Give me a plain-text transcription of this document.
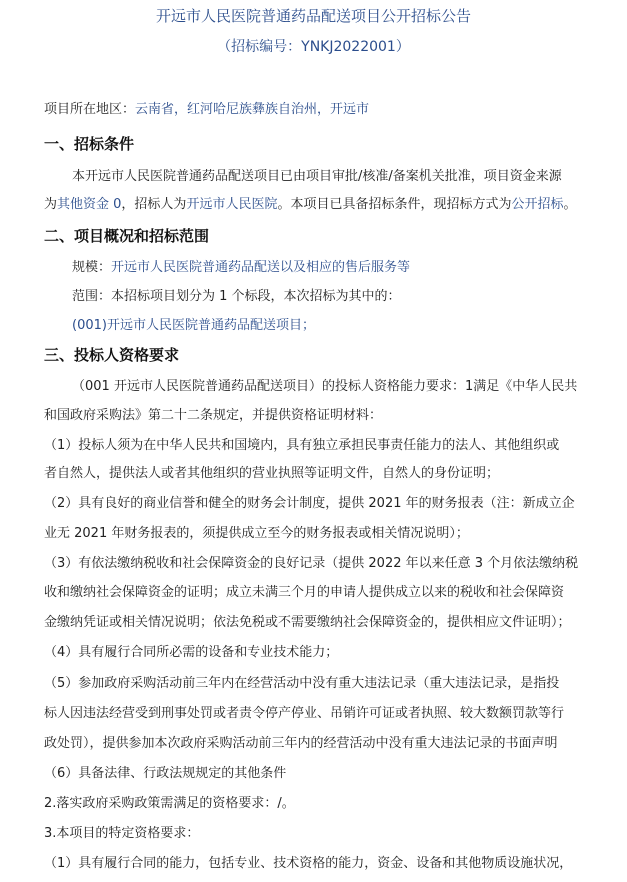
开远市人民医院普通药品配送项目公开招标公告
（招标编号：YNKJ2022001）
项目所在地区：云南省，红河哈尼族彝族自治州，开远市
一、招标条件
本开远市人民医院普通药品配送项目已由项目审批/核准/备案机关批准，项目资金来源
为其他资金 0，招标人为开远市人民医院。本项目已具备招标条件，现招标方式为公开招标。
二、项目概况和招标范围
规模：开远市人民医院普通药品配送以及相应的售后服务等
范围：本招标项目划分为 1 个标段，本次招标为其中的：
(001)开远市人民医院普通药品配送项目；
三、投标人资格要求
（001 开远市人民医院普通药品配送项目）的投标人资格能力要求：1满足《中华人民共
和国政府采购法》第二十二条规定，并提供资格证明材料：
（1）投标人须为在中华人民共和国境内，具有独立承担民事责任能力的法人、其他组织或
者自然人，提供法人或者其他组织的营业执照等证明文件，自然人的身份证明；
（2）具有良好的商业信誉和健全的财务会计制度，提供 2021 年的财务报表（注：新成立企
业无 2021 年财务报表的，须提供成立至今的财务报表或相关情况说明）；
（3）有依法缴纳税收和社会保障资金的良好记录（提供 2022 年以来任意 3 个月依法缴纳税
收和缴纳社会保障资金的证明；成立未满三个月的申请人提供成立以来的税收和社会保障资
金缴纳凭证或相关情况说明；依法免税或不需要缴纳社会保障资金的，提供相应文件证明）；
（4）具有履行合同所必需的设备和专业技术能力；
（5）参加政府采购活动前三年内在经营活动中没有重大违法记录（重大违法记录，是指投
标人因违法经营受到刑事处罚或者责令停产停业、吊销许可证或者执照、较大数额罚款等行
政处罚），提供参加本次政府采购活动前三年内的经营活动中没有重大违法记录的书面声明
（6）具备法律、行政法规规定的其他条件
2.落实政府采购政策需满足的资格要求：/。
3.本项目的特定资格要求：
（1）具有履行合同的能力，包括专业、技术资格的能力，资金、设备和其他物质设施状况，
